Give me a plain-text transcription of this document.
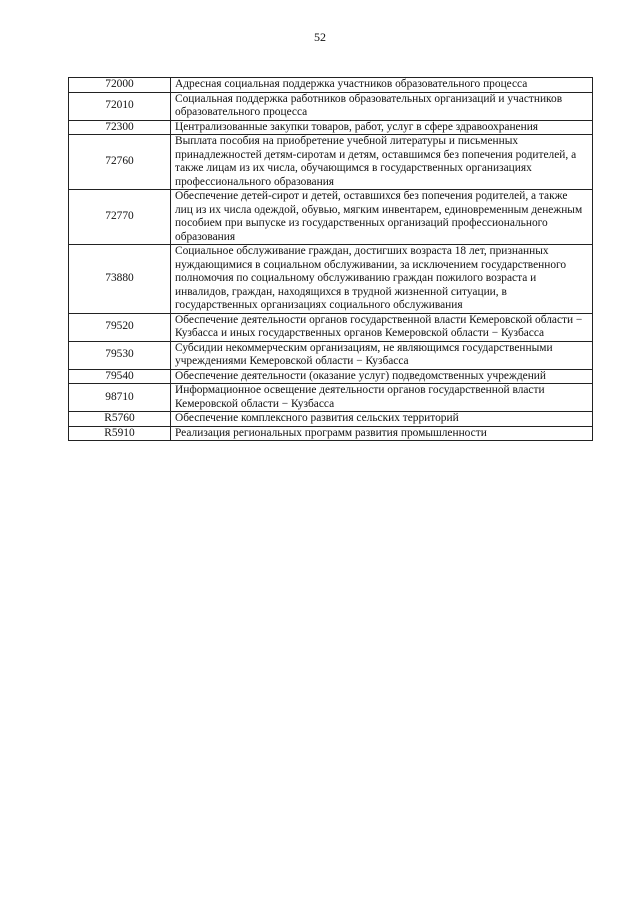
52
72000	Адресная социальная поддержка участников образовательного процесса
72010	Социальная поддержка работников образовательных организаций и участников образовательного процесса
72300	Централизованные закупки товаров, работ, услуг в сфере здравоохранения
72760	Выплата пособия на приобретение учебной литературы и письменных принадлежностей детям-сиротам и детям, оставшимся без попечения родителей, а также лицам из их числа, обучающимся в государственных организациях профессионального образования
72770	Обеспечение детей-сирот и детей, оставшихся без попечения родителей, а также лиц из их числа одеждой, обувью, мягким инвентарем, единовременным денежным пособием при выпуске из государственных организаций профессионального образования
73880	Социальное обслуживание граждан, достигших возраста 18 лет, признанных нуждающимися в социальном обслуживании, за исключением государственного полномочия по социальному обслуживанию граждан пожилого возраста и инвалидов, граждан, находящихся в трудной жизненной ситуации, в государственных организациях социального обслуживания
79520	Обеспечение деятельности органов государственной власти Кемеровской области − Кузбасса и иных государственных органов Кемеровской области − Кузбасса
79530	Субсидии некоммерческим организациям, не являющимся государственными учреждениями Кемеровской области − Кузбасса
79540	Обеспечение деятельности (оказание услуг) подведомственных учреждений
98710	Информационное освещение деятельности органов государственной власти Кемеровской области − Кузбасса
R5760	Обеспечение комплексного развития сельских территорий
R5910	Реализация региональных программ развития промышленности
